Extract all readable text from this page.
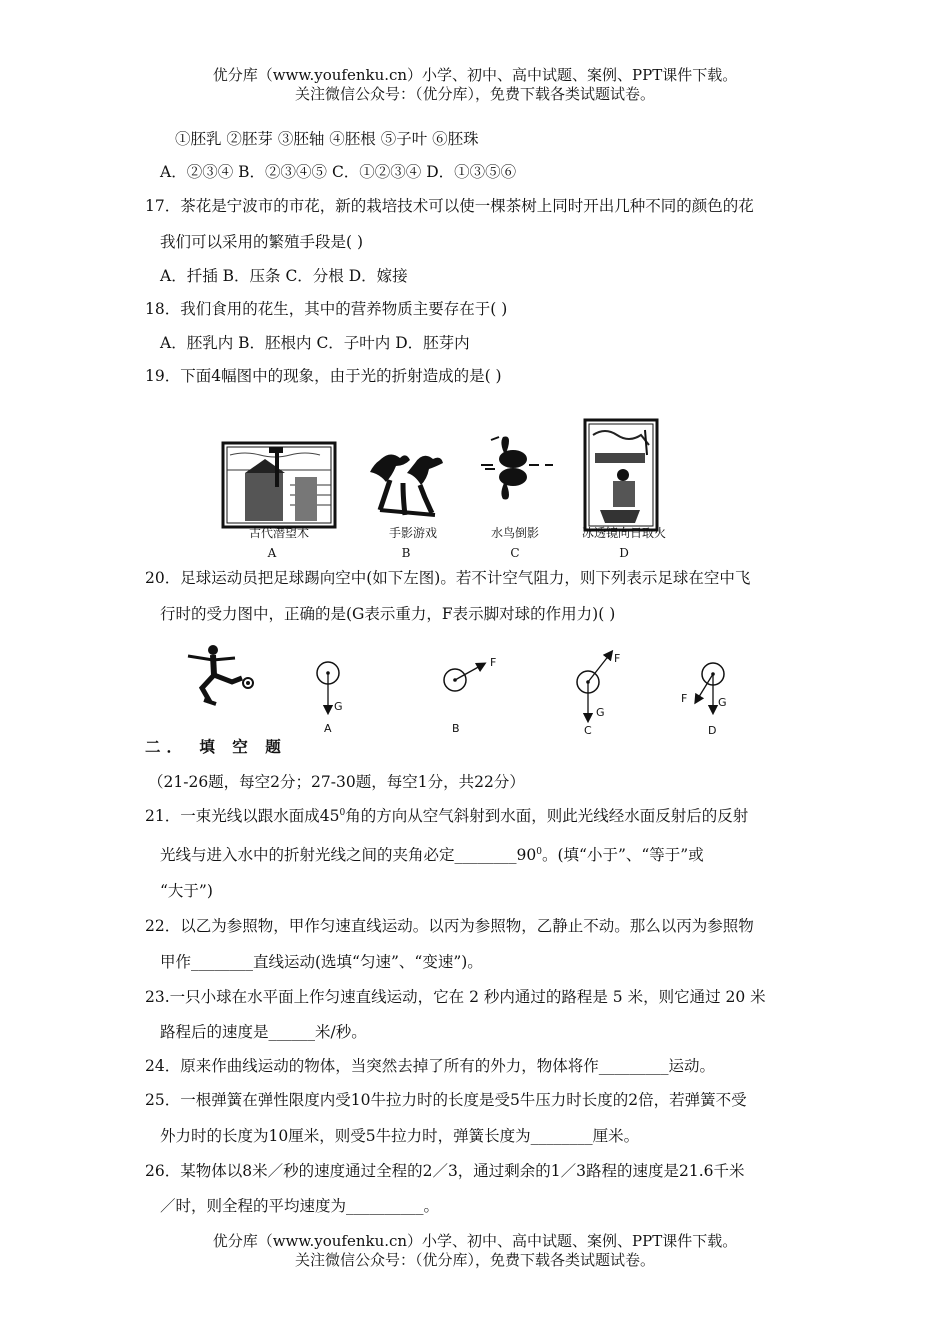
优分库（www.youfenku.cn）小学、初中、高中试题、案例、PPT课件下载。
关注微信公众号：（优分库），免费下载各类试题试卷。
①胚乳 ②胚芽 ③胚轴 ④胚根 ⑤子叶 ⑥胚珠
A．②③④ B．②③④⑤ C．①②③④ D．①③⑤⑥
17．茶花是宁波市的市花，新的栽培技术可以使一棵茶树上同时开出几种不同的颜色的花
我们可以采用的繁殖手段是( )
A．扦插 B．压条 C．分根 D．嫁接
18．我们食用的花生，其中的营养物质主要存在于( )
A．胚乳内 B．胚根内 C．子叶内 D．胚芽内
19．下面4幅图中的现象，由于光的折射造成的是( )
古代潜望术	手影游戏	水鸟倒影	冰透镜向日取火
A	B	C	D
20．足球运动员把足球踢向空中(如下左图)。若不计空气阻力，则下列表示足球在空中飞
行时的受力图中，正确的是(G表示重力，F表示脚对球的作用力)( )
G
F	F
G
F	G
A	B	C	D
二． 填 空 题
（21-26题，每空2分；27-30题，每空1分，共22分）
21．一束光线以跟水面成$45^0$角的方向从空气斜射到水面，则此光线经水面反射后的反射
光线与进入水中的折射光线之间的夹角必定$\_\_\_\_\_\_\_\_90^0$。(填“小于”、“等于”或
“大于”)
22．以乙为参照物，甲作匀速直线运动。以丙为参照物，乙静止不动。那么以丙为参照物
甲作________直线运动(选填“匀速”、“变速”)。
23.一只小球在水平面上作匀速直线运动，它在 2 秒内通过的路程是 5 米，则它通过 20 米
路程后的速度是______米/秒。
24．原来作曲线运动的物体，当突然去掉了所有的外力，物体将作_________运动。
25．一根弹簧在弹性限度内受10牛拉力时的长度是受5牛压力时长度的2倍，若弹簧不受
外力时的长度为10厘米，则受5牛拉力时，弹簧长度为________厘米。
26．某物体以8米／秒的速度通过全程的2／3，通过剩余的1／3路程的速度是21.6千米
／时，则全程的平均速度为__________。
优分库（www.youfenku.cn）小学、初中、高中试题、案例、PPT课件下载。
关注微信公众号：（优分库），免费下载各类试题试卷。
